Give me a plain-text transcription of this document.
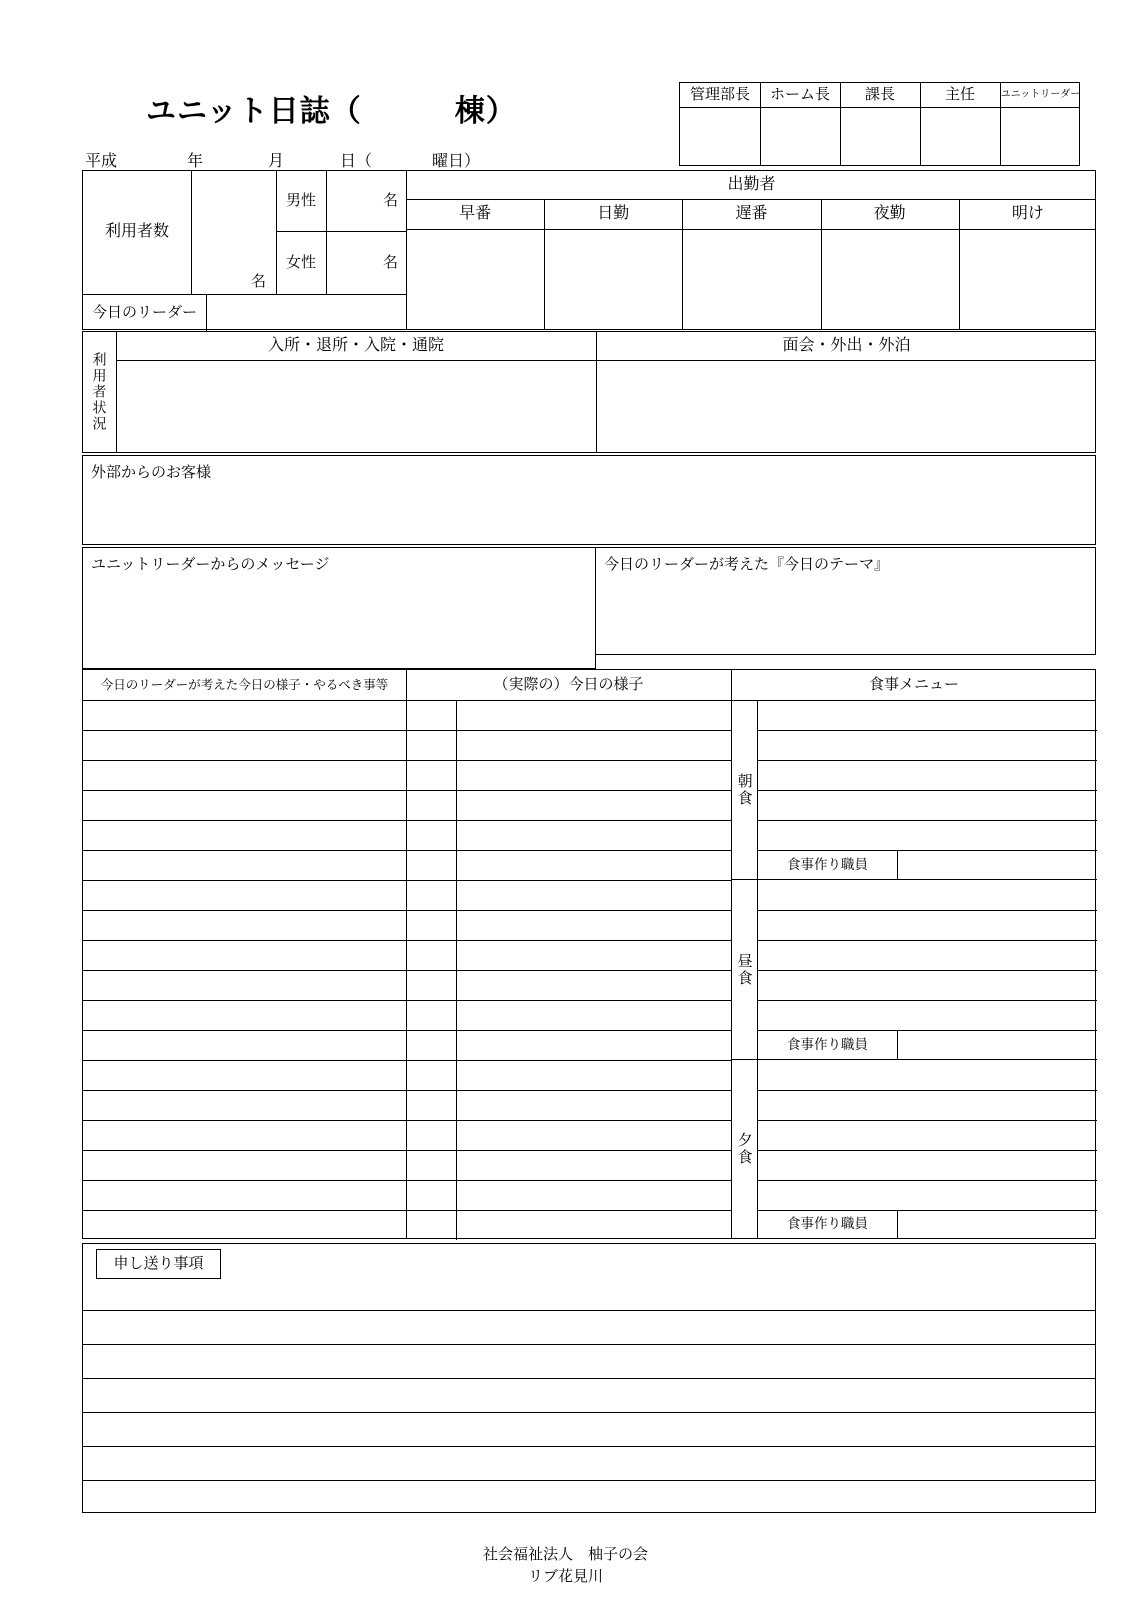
ユニット日誌（　　　棟）
管理部長	ホーム長	課長	主任	ユニットリーダー
平成	年	月	日（	曜日）
利用者数
名
男性	名
女性	名
今日のリーダー
出勤者
早番	日勤	遅番	夜勤	明け
利用者状況
入所・退所・入院・通院	面会・外出・外泊
外部からのお客様
ユニットリーダーからのメッセージ	今日のリーダーが考えた『今日のテーマ』
今日のリーダーが考えた今日の様子・やるべき事等	（実際の）今日の様子	食事メニュー
朝食
食事作り職員
昼食
食事作り職員
夕食
食事作り職員
申し送り事項
社会福祉法人　柚子の会
リブ花見川
